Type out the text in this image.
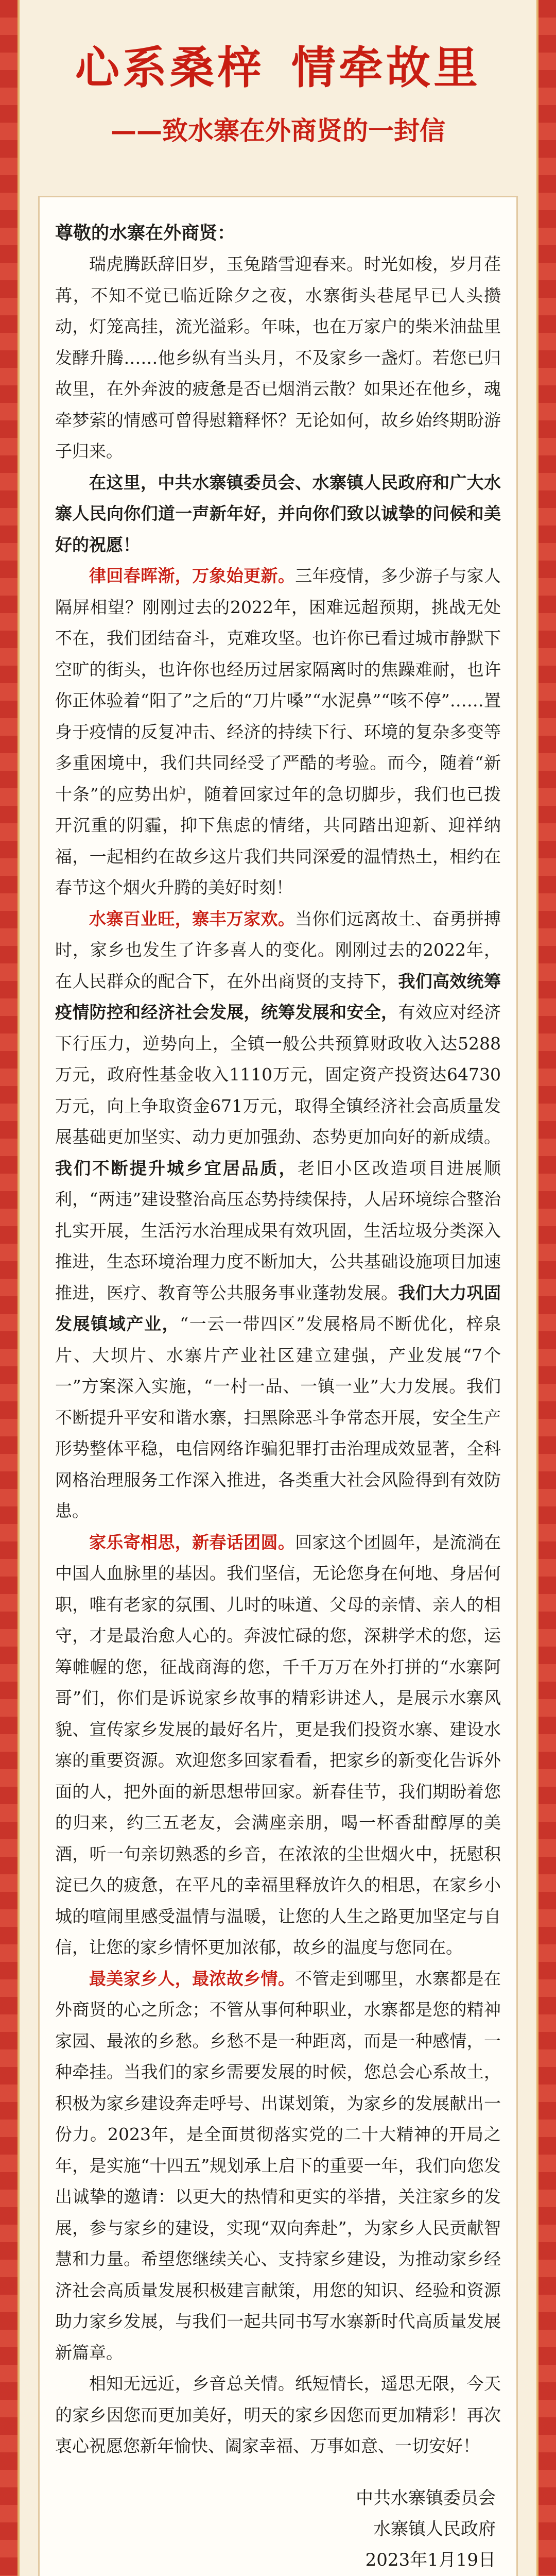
心系桑梓 情牵故里
——致水寨在外商贤的一封信

尊敬的水寨在外商贤：

瑞虎腾跃辞旧岁，玉兔踏雪迎春来。时光如梭，岁月荏苒，不知不觉已临近除夕之夜，水寨街头巷尾早已人头攒动，灯笼高挂，流光溢彩。年味，也在万家户的柴米油盐里发酵升腾……他乡纵有当头月，不及家乡一盏灯。若您已归故里，在外奔波的疲惫是否已烟消云散？如果还在他乡，魂牵梦萦的情感可曾得慰籍释怀？无论如何，故乡始终期盼游子归来。

在这里，中共水寨镇委员会、水寨镇人民政府和广大水寨人民向你们道一声新年好，并向你们致以诚挚的问候和美好的祝愿！

律回春晖渐，万象始更新。三年疫情，多少游子与家人隔屏相望？刚刚过去的2022年，困难远超预期，挑战无处不在，我们团结奋斗，克难攻坚。也许你已看过城市静默下空旷的街头，也许你也经历过居家隔离时的焦躁难耐，也许你正体验着“阳了”之后的“刀片嗓”“水泥鼻”“咳不停”……置身于疫情的反复冲击、经济的持续下行、环境的复杂多变等多重困境中，我们共同经受了严酷的考验。而今，随着“新十条”的应势出炉，随着回家过年的急切脚步，我们也已拨开沉重的阴霾，抑下焦虑的情绪，共同踏出迎新、迎祥纳福，一起相约在故乡这片我们共同深爱的温情热土，相约在春节这个烟火升腾的美好时刻！

水寨百业旺，寨丰万家欢。当你们远离故土、奋勇拼搏时，家乡也发生了许多喜人的变化。刚刚过去的2022年，在人民群众的配合下，在外出商贤的支持下，我们高效统筹疫情防控和经济社会发展，统筹发展和安全，有效应对经济下行压力，逆势向上，全镇一般公共预算财政收入达5288万元，政府性基金收入1110万元，固定资产投资达64730万元，向上争取资金671万元，取得全镇经济社会高质量发展基础更加坚实、动力更加强劲、态势更加向好的新成绩。我们不断提升城乡宜居品质，老旧小区改造项目进展顺利，“两违”建设整治高压态势持续保持，人居环境综合整治扎实开展，生活污水治理成果有效巩固，生活垃圾分类深入推进，生态环境治理力度不断加大，公共基础设施项目加速推进，医疗、教育等公共服务事业蓬勃发展。我们大力巩固发展镇域产业，“一云一带四区”发展格局不断优化，梓泉片、大坝片、水寨片产业社区建立建强，产业发展“7个一”方案深入实施，“一村一品、一镇一业”大力发展。我们不断提升平安和谐水寨，扫黑除恶斗争常态开展，安全生产形势整体平稳，电信网络诈骗犯罪打击治理成效显著，全科网格治理服务工作深入推进，各类重大社会风险得到有效防患。

家乐寄相思，新春话团圆。回家这个团圆年，是流淌在中国人血脉里的基因。我们坚信，无论您身在何地、身居何职，唯有老家的氛围、儿时的味道、父母的亲情、亲人的相守，才是最治愈人心的。奔波忙碌的您，深耕学术的您，运筹帷幄的您，征战商海的您，千千万万在外打拼的“水寨阿哥”们，你们是诉说家乡故事的精彩讲述人，是展示水寨风貌、宣传家乡发展的最好名片，更是我们投资水寨、建设水寨的重要资源。欢迎您多回家看看，把家乡的新变化告诉外面的人，把外面的新思想带回家。新春佳节，我们期盼着您的归来，约三五老友，会满座亲朋，喝一杯香甜醇厚的美酒，听一句亲切熟悉的乡音，在浓浓的尘世烟火中，抚慰积淀已久的疲惫，在平凡的幸福里释放许久的相思，在家乡小城的喧闹里感受温情与温暖，让您的人生之路更加坚定与自信，让您的家乡情怀更加浓郁，故乡的温度与您同在。

最美家乡人，最浓故乡情。不管走到哪里，水寨都是在外商贤的心之所念；不管从事何种职业，水寨都是您的精神家园、最浓的乡愁。乡愁不是一种距离，而是一种感情，一种牵挂。当我们的家乡需要发展的时候，您总会心系故土，积极为家乡建设奔走呼号、出谋划策，为家乡的发展献出一份力。2023年，是全面贯彻落实党的二十大精神的开局之年，是实施“十四五”规划承上启下的重要一年，我们向您发出诚挚的邀请：以更大的热情和更实的举措，关注家乡的发展，参与家乡的建设，实现“双向奔赴”，为家乡人民贡献智慧和力量。希望您继续关心、支持家乡建设，为推动家乡经济社会高质量发展积极建言献策，用您的知识、经验和资源助力家乡发展，与我们一起共同书写水寨新时代高质量发展新篇章。

相知无远近，乡音总关情。纸短情长，遥思无限，今天的家乡因您而更加美好，明天的家乡因您而更加精彩！再次衷心祝愿您新年愉快、阖家幸福、万事如意、一切安好！

中共水寨镇委员会
水寨镇人民政府
2023年1月19日
